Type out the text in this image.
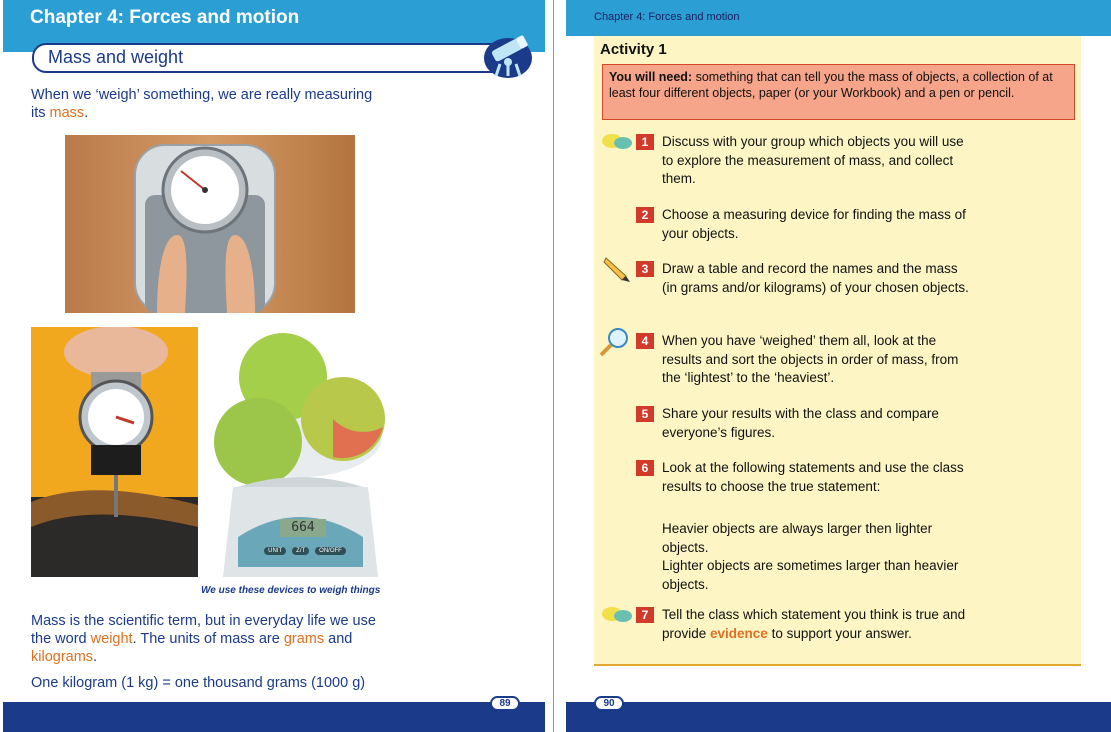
Chapter 4: Forces and motion
Mass and weight
When we ‘weigh’ something, we are really measuring
its mass.
664
UNIT	Z/T	ON/OFF
We use these devices to weigh things
Mass is the scientific term, but in everyday life we use
the word weight. The units of mass are grams and
kilograms.
One kilogram (1 kg) = one thousand grams (1000 g)
89
Chapter 4: Forces and motion
Activity 1
You will need: something that can tell you the mass of objects, a collection of at least four different objects, paper (or your Workbook) and a pen or pencil.
1	Discuss with your group which objects you will use to explore the measurement of mass, and collect them.
2	Choose a measuring device for finding the mass of your objects.
3	Draw a table and record the names and the mass (in grams and/or kilograms) of your chosen objects.
4	When you have ‘weighed’ them all, look at the results and sort the objects in order of mass, from the ‘lightest’ to the ‘heaviest’.
5	Share your results with the class and compare everyone’s figures.
6	Look at the following statements and use the class results to choose the true statement:
Heavier objects are always larger then lighter objects.
Lighter objects are sometimes larger than heavier objects.
7	Tell the class which statement you think is true and provide evidence to support your answer.
90
